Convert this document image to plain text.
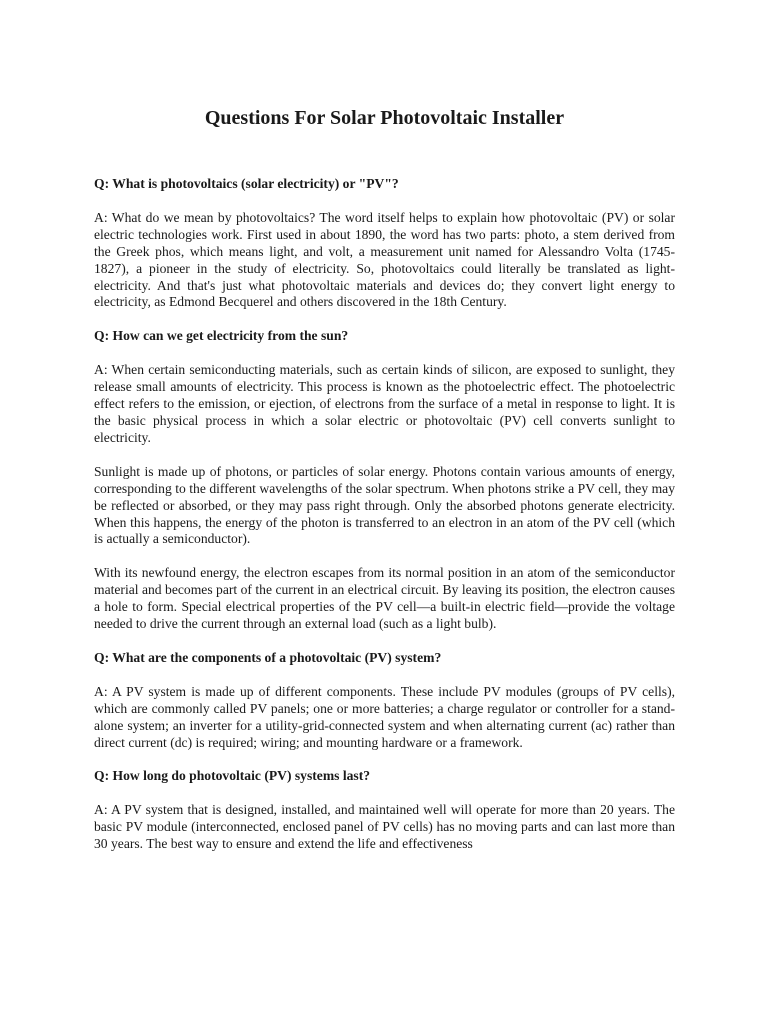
Questions For Solar Photovoltaic Installer

Q: What is photovoltaics (solar electricity) or "PV"?

A: What do we mean by photovoltaics? The word itself helps to explain how photovoltaic (PV) or solar electric technologies work. First used in about 1890, the word has two parts: photo, a stem derived from the Greek phos, which means light, and volt, a measurement unit named for Alessandro Volta (1745-1827), a pioneer in the study of electricity. So, photovoltaics could literally be translated as light-electricity. And that's just what photovoltaic materials and devices do; they convert light energy to electricity, as Edmond Becquerel and others discovered in the 18th Century.

Q: How can we get electricity from the sun?

A: When certain semiconducting materials, such as certain kinds of silicon, are exposed to sunlight, they release small amounts of electricity. This process is known as the photoelectric effect. The photoelectric effect refers to the emission, or ejection, of electrons from the surface of a metal in response to light. It is the basic physical process in which a solar electric or photovoltaic (PV) cell converts sunlight to electricity.

Sunlight is made up of photons, or particles of solar energy. Photons contain various amounts of energy, corresponding to the different wavelengths of the solar spectrum. When photons strike a PV cell, they may be reflected or absorbed, or they may pass right through. Only the absorbed photons generate electricity. When this happens, the energy of the photon is transferred to an electron in an atom of the PV cell (which is actually a semiconductor).

With its newfound energy, the electron escapes from its normal position in an atom of the semiconductor material and becomes part of the current in an electrical circuit. By leaving its position, the electron causes a hole to form. Special electrical properties of the PV cell—a built-in electric field—provide the voltage needed to drive the current through an external load (such as a light bulb).

Q: What are the components of a photovoltaic (PV) system?

A: A PV system is made up of different components. These include PV modules (groups of PV cells), which are commonly called PV panels; one or more batteries; a charge regulator or controller for a stand-alone system; an inverter for a utility-grid-connected system and when alternating current (ac) rather than direct current (dc) is required; wiring; and mounting hardware or a framework.

Q: How long do photovoltaic (PV) systems last?

A: A PV system that is designed, installed, and maintained well will operate for more than 20 years. The basic PV module (interconnected, enclosed panel of PV cells) has no moving parts and can last more than 30 years. The best way to ensure and extend the life and effectiveness
